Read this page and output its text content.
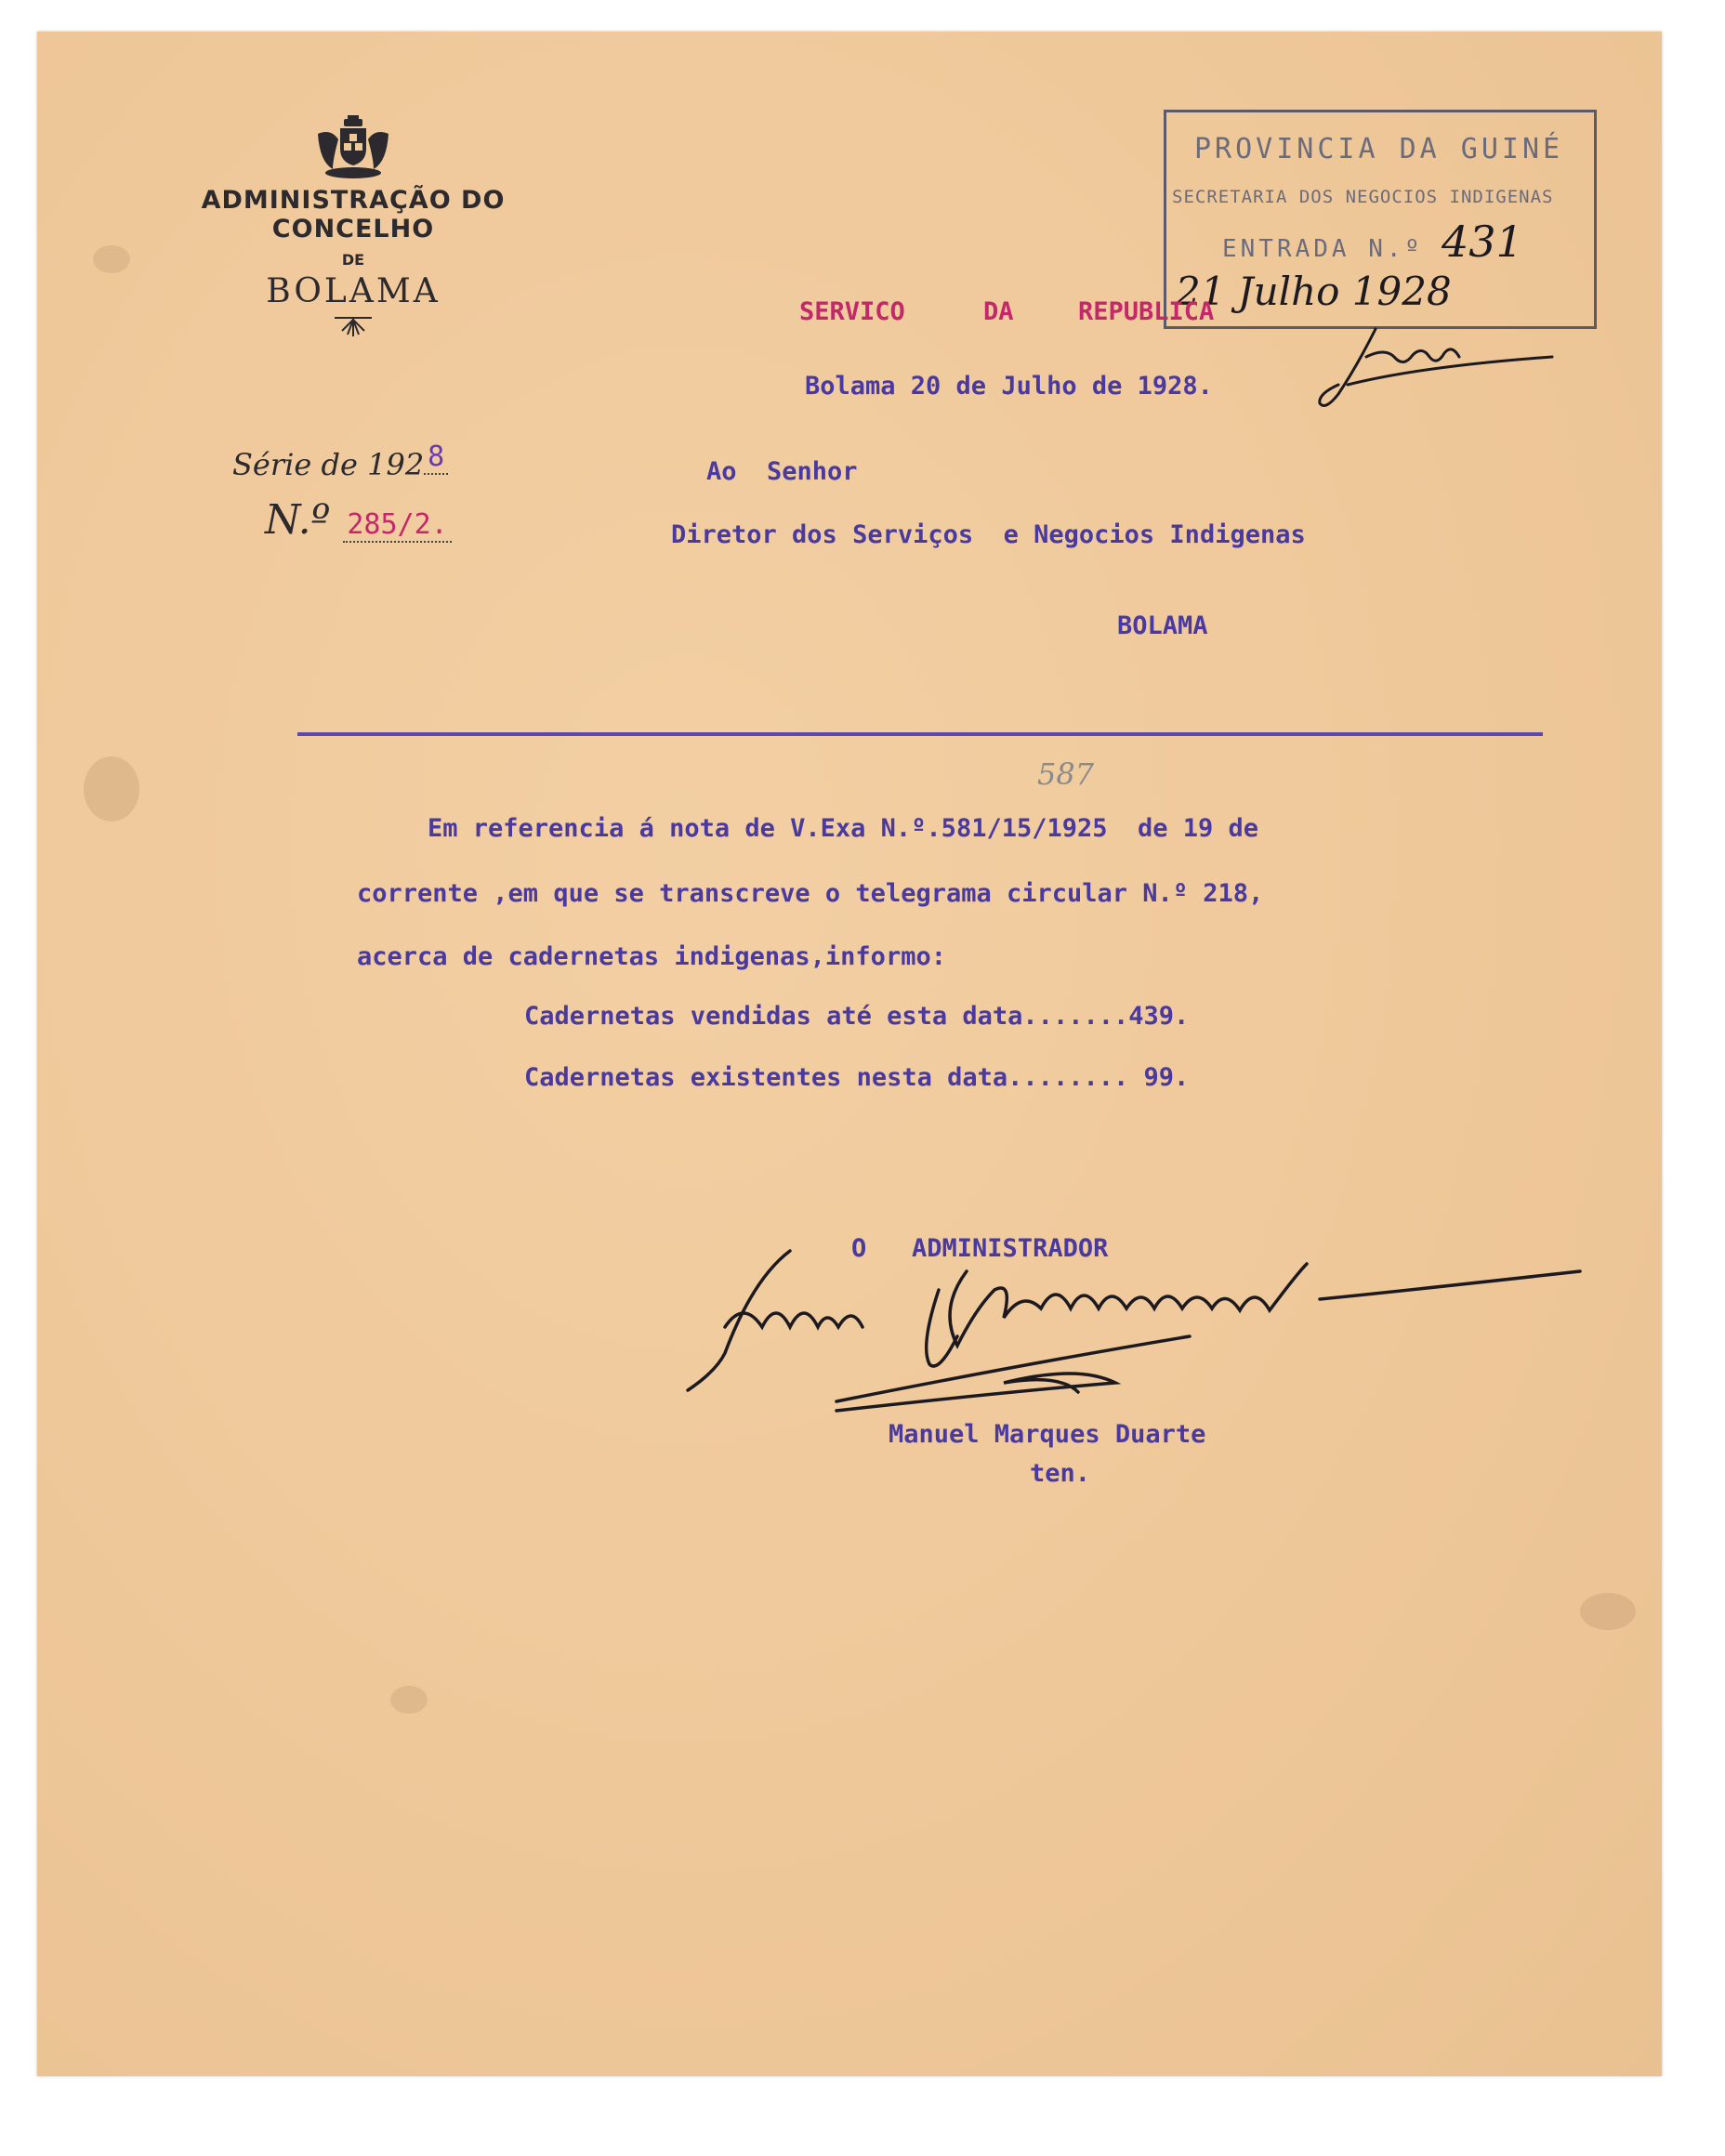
ADMINISTRAÇÃO DO CONCELHO
DE
BOLAMA
Série de 192 8
N.º 285/2.
PROVINCIA DA GUINÉ
SECRETARIA DOS NEGOCIOS INDIGENAS
ENTRADA N.º 431
21 Julho 1928
SERVICO	DA	REPUBLICA
Bolama 20 de Julho de 1928.
Ao  Senhor
Diretor dos Serviços  e Negocios Indigenas
BOLAMA
587
Em referencia á nota de V.Exa N.º.581/15/1925  de 19 de
corrente ,em que se transcreve o telegrama circular N.º 218,
acerca de cadernetas indigenas,informo:
Cadernetas vendidas até esta data.......439.
Cadernetas existentes nesta data........ 99.
O   ADMINISTRADOR
Manuel Marques Duarte
ten.
